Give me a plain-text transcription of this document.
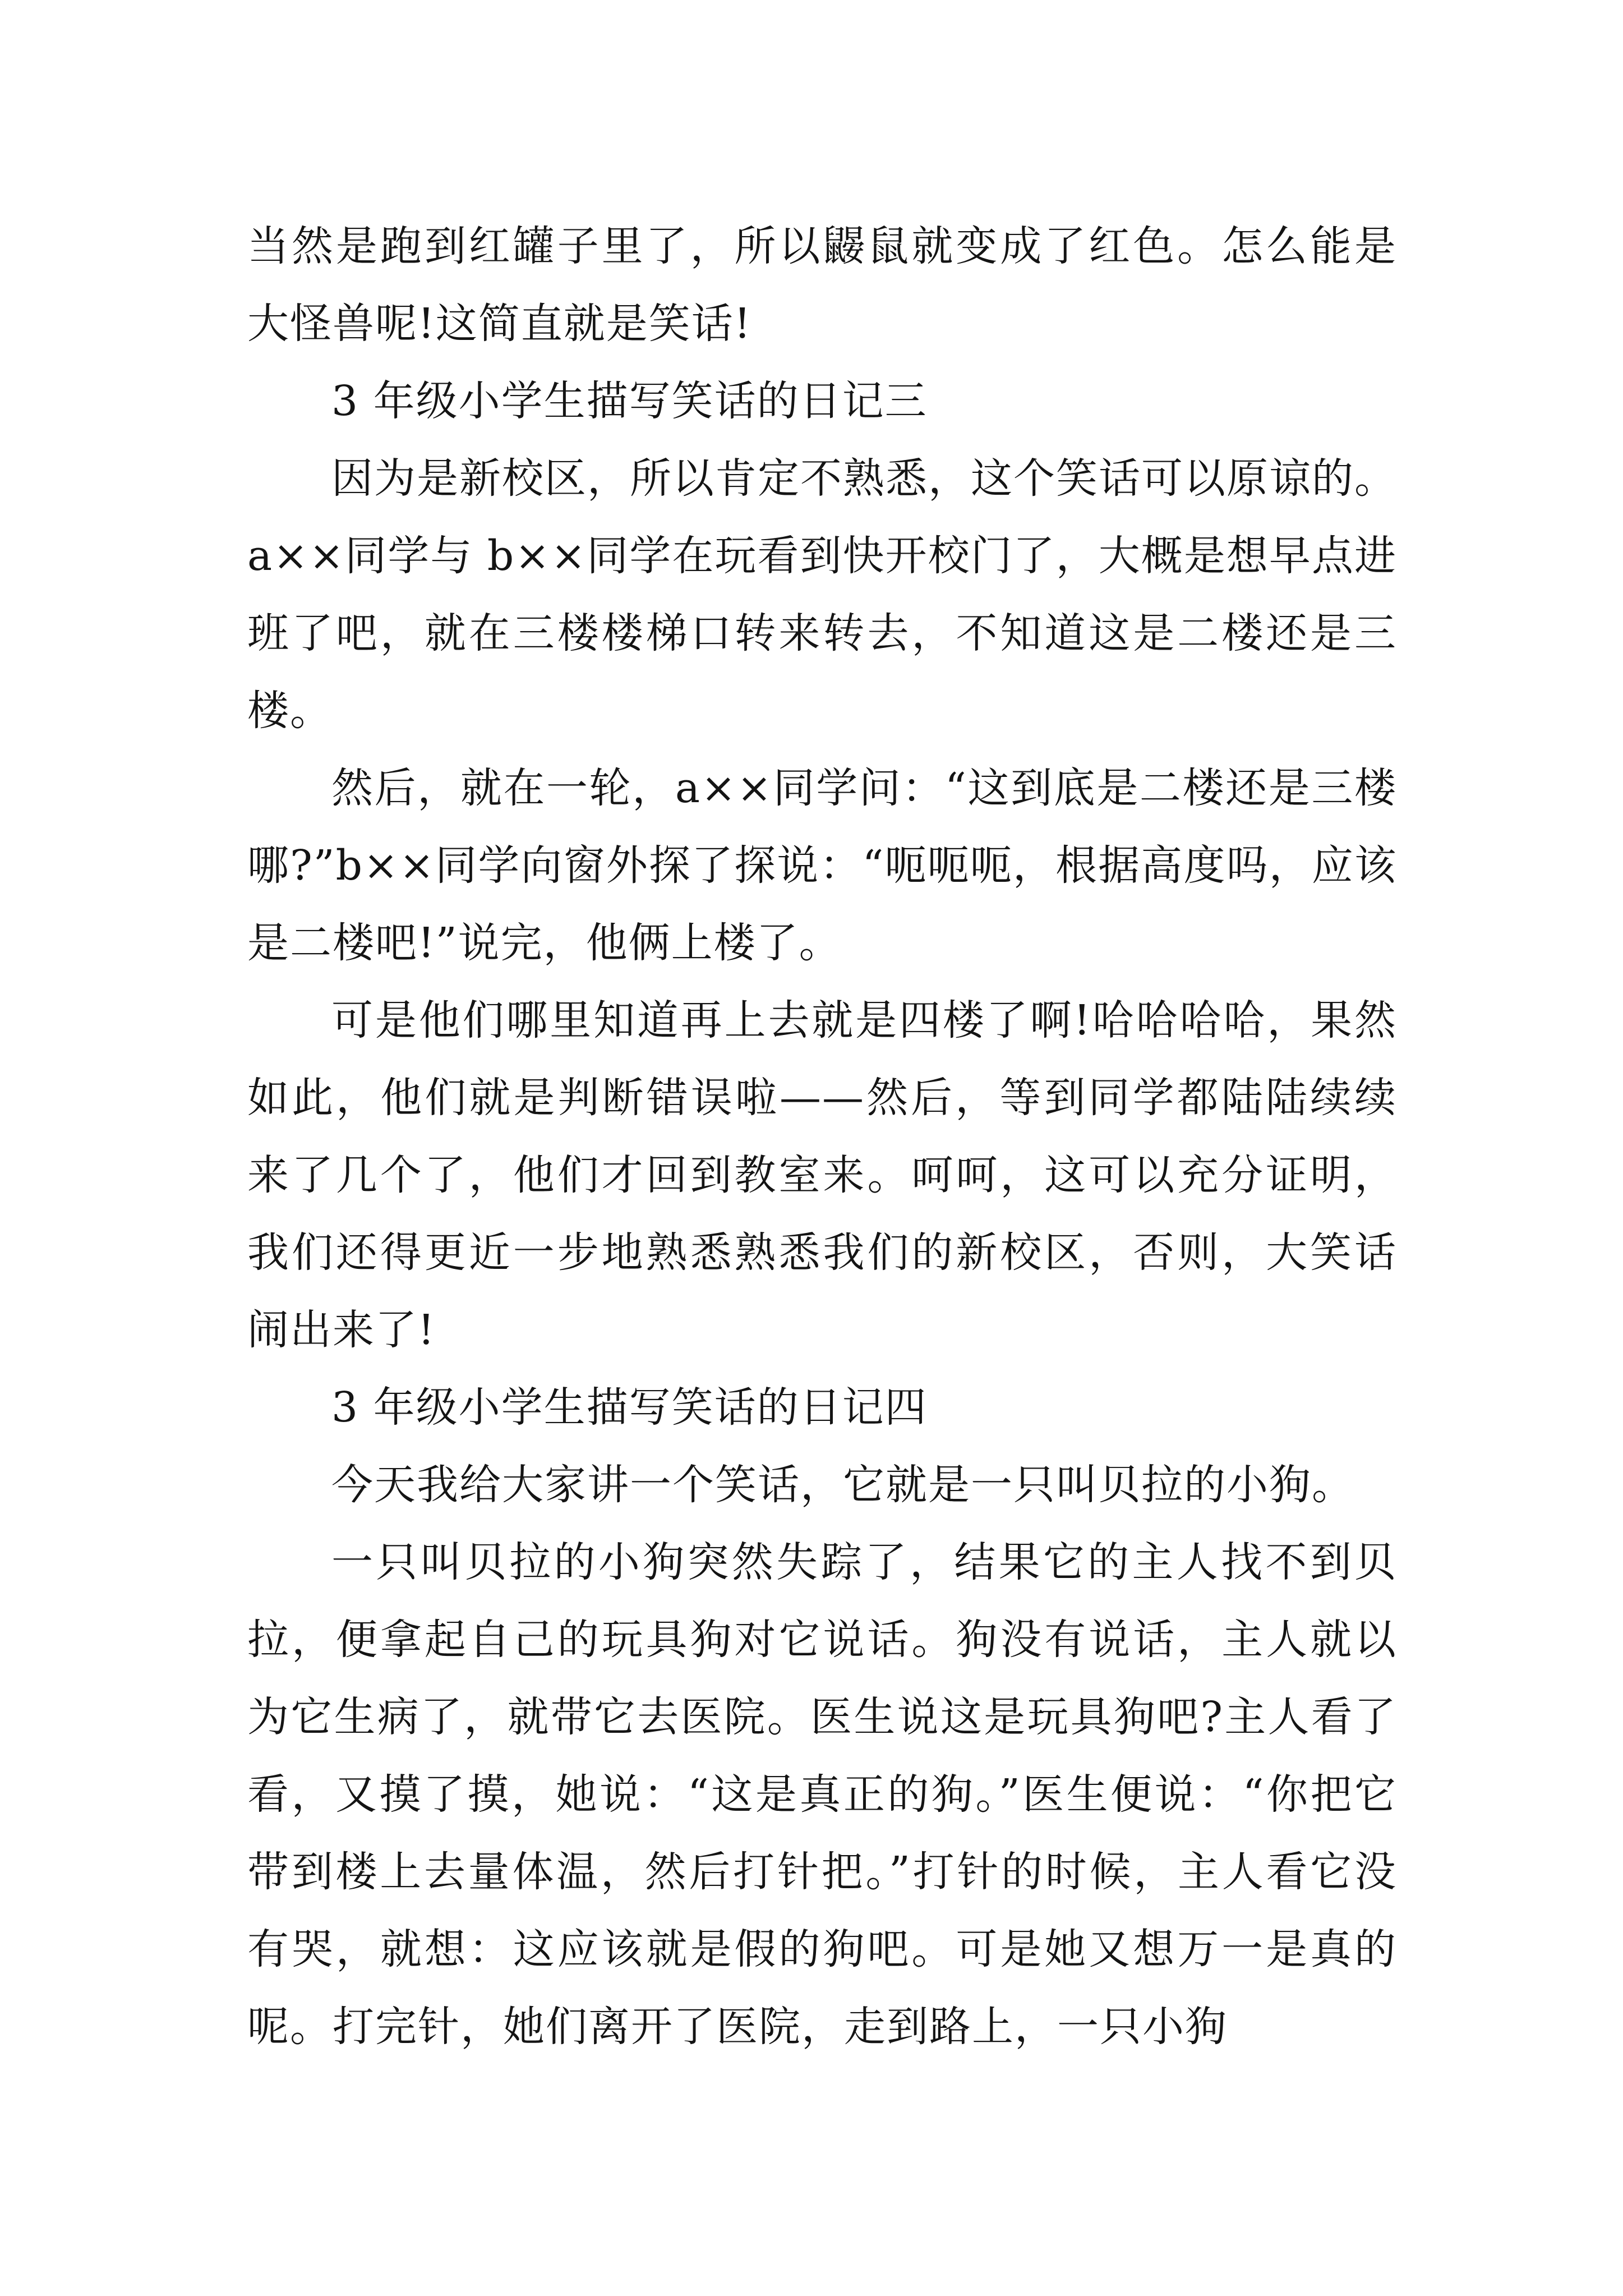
当然是跑到红罐子里了，所以鼹鼠就变成了红色。怎么能是大怪兽呢!这简直就是笑话!

3 年级小学生描写笑话的日记三

因为是新校区，所以肯定不熟悉，这个笑话可以原谅的。a××同学与 b××同学在玩看到快开校门了，大概是想早点进班了吧，就在三楼楼梯口转来转去，不知道这是二楼还是三楼。

然后，就在一轮，a××同学问：“这到底是二楼还是三楼哪?”b××同学向窗外探了探说：“呃呃呃，根据高度吗，应该是二楼吧!”说完，他俩上楼了。

可是他们哪里知道再上去就是四楼了啊!哈哈哈哈，果然如此，他们就是判断错误啦——然后，等到同学都陆陆续续来了几个了，他们才回到教室来。呵呵，这可以充分证明，我们还得更近一步地熟悉熟悉我们的新校区，否则，大笑话闹出来了!

3 年级小学生描写笑话的日记四

今天我给大家讲一个笑话，它就是一只叫贝拉的小狗。

一只叫贝拉的小狗突然失踪了，结果它的主人找不到贝拉，便拿起自己的玩具狗对它说话。狗没有说话，主人就以为它生病了，就带它去医院。医生说这是玩具狗吧?主人看了看，又摸了摸，她说：“这是真正的狗。”医生便说：“你把它带到楼上去量体温，然后打针把。”打针的时候，主人看它没有哭，就想：这应该就是假的狗吧。可是她又想万一是真的呢。打完针，她们离开了医院，走到路上，一只小狗
